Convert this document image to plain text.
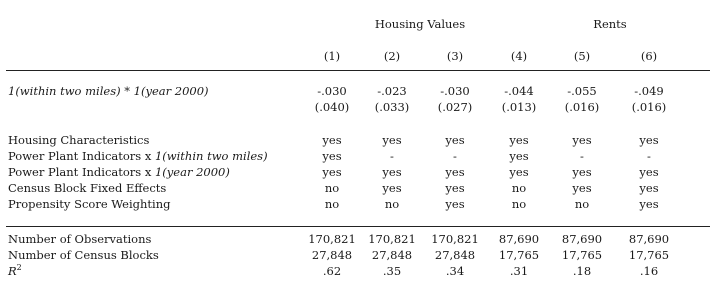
Housing Values	Rents
(1)	(2)	(3)	(4)	(5)	(6)
1(within two miles) * 1(year 2000)	-.030	-.023	-.030	-.044	-.055	-.049
(.040)	(.033)	(.027)	(.013)	(.016)	(.016)
Housing Characteristics	yes	yes	yes	yes	yes	yes
Power Plant Indicators x 1(within two miles)	yes	-	-	yes	-	-
Power Plant Indicators x 1(year 2000)	yes	yes	yes	yes	yes	yes
Census Block Fixed Effects	no	yes	yes	no	yes	yes
Propensity Score Weighting	no	no	yes	no	no	yes
Number of Observations	170,821	170,821	170,821	87,690	87,690	87,690
Number of Census Blocks	27,848	27,848	27,848	17,765	17,765	17,765
$R^2$	.62	.35	.34	.31	.18	.16
